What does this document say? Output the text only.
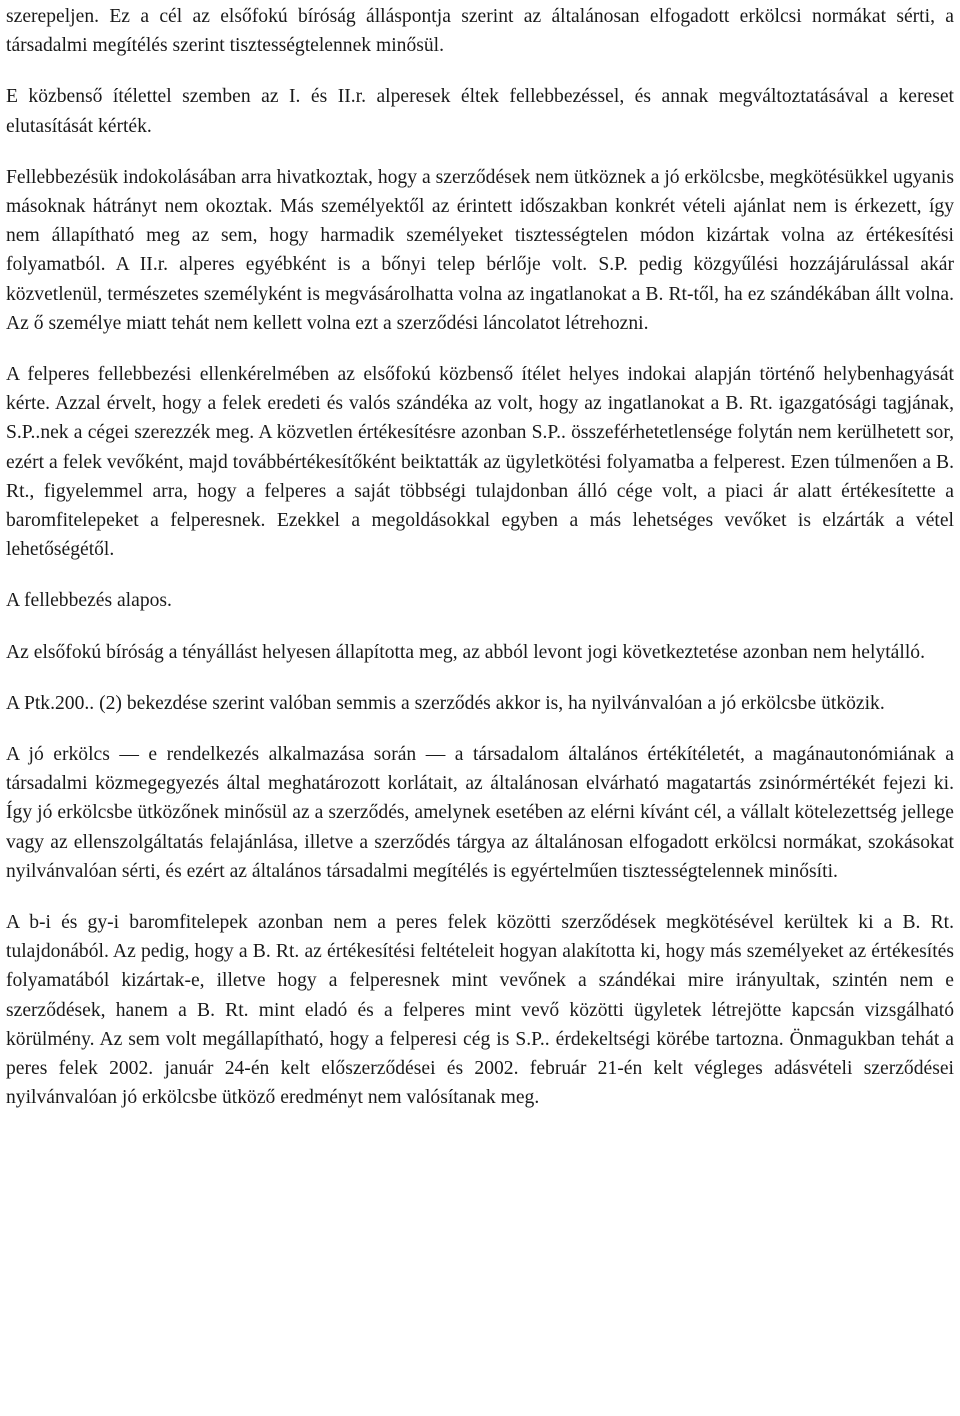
szerepeljen. Ez a cél az elsőfokú bíróság álláspontja szerint az általánosan elfogadott erkölcsi normákat sérti, a társadalmi megítélés szerint tisztességtelennek minősül.

E közbenső ítélettel szemben az I. és II.r. alperesek éltek fellebbezéssel, és annak megváltoztatásával a kereset elutasítását kérték.

Fellebbezésük indokolásában arra hivatkoztak, hogy a szerződések nem ütköznek a jó erkölcsbe, megkötésükkel ugyanis másoknak hátrányt nem okoztak. Más személyektől az érintett időszakban konkrét vételi ajánlat nem is érkezett, így nem állapítható meg az sem, hogy harmadik személyeket tisztességtelen módon kizártak volna az értékesítési folyamatból. A II.r. alperes egyébként is a bőnyi telep bérlője volt. S.P. pedig közgyűlési hozzájárulással akár közvetlenül, természetes személyként is megvásárolhatta volna az ingatlanokat a B. Rt-től, ha ez szándékában állt volna. Az ő személye miatt tehát nem kellett volna ezt a szerződési láncolatot létrehozni.

A felperes fellebbezési ellenkérelmében az elsőfokú közbenső ítélet helyes indokai alapján történő helybenhagyását kérte. Azzal érvelt, hogy a felek eredeti és valós szándéka az volt, hogy az ingatlanokat a B. Rt. igazgatósági tagjának, S.P..nek a cégei szerezzék meg. A közvetlen értékesítésre azonban S.P.. összeférhetetlensége folytán nem kerülhetett sor, ezért a felek vevőként, majd továbbértékesítőként beiktatták az ügyletkötési folyamatba a felperest. Ezen túlmenően a B. Rt., figyelemmel arra, hogy a felperes a saját többségi tulajdonban álló cége volt, a piaci ár alatt értékesítette a baromfitelepeket a felperesnek. Ezekkel a megoldásokkal egyben a más lehetséges vevőket is elzárták a vétel lehetőségétől.

A fellebbezés alapos.

Az elsőfokú bíróság a tényállást helyesen állapította meg, az abból levont jogi következtetése azonban nem helytálló.

A Ptk.200.. (2) bekezdése szerint valóban semmis a szerződés akkor is, ha nyilvánvalóan a jó erkölcsbe ütközik.

A jó erkölcs — e rendelkezés alkalmazása során — a társadalom általános értékítéletét, a magánautonómiának a társadalmi közmegegyezés által meghatározott korlátait, az általánosan elvárható magatartás zsinórmértékét fejezi ki. Így jó erkölcsbe ütközőnek minősül az a szerződés, amelynek esetében az elérni kívánt cél, a vállalt kötelezettség jellege vagy az ellenszolgáltatás felajánlása, illetve a szerződés tárgya az általánosan elfogadott erkölcsi normákat, szokásokat nyilvánvalóan sérti, és ezért az általános társadalmi megítélés is egyértelműen tisztességtelennek minősíti.

A b-i és gy-i baromfitelepek azonban nem a peres felek közötti szerződések megkötésével kerültek ki a B. Rt. tulajdonából. Az pedig, hogy a B. Rt. az értékesítési feltételeit hogyan alakította ki, hogy más személyeket az értékesítés folyamatából kizártak-e, illetve hogy a felperesnek mint vevőnek a szándékai mire irányultak, szintén nem e szerződések, hanem a B. Rt. mint eladó és a felperes mint vevő közötti ügyletek létrejötte kapcsán vizsgálható körülmény. Az sem volt megállapítható, hogy a felperesi cég is S.P.. érdekeltségi körébe tartozna. Önmagukban tehát a peres felek 2002. január 24-én kelt előszerződései és 2002. február 21-én kelt végleges adásvételi szerződései nyilvánvalóan jó erkölcsbe ütköző eredményt nem valósítanak meg.
